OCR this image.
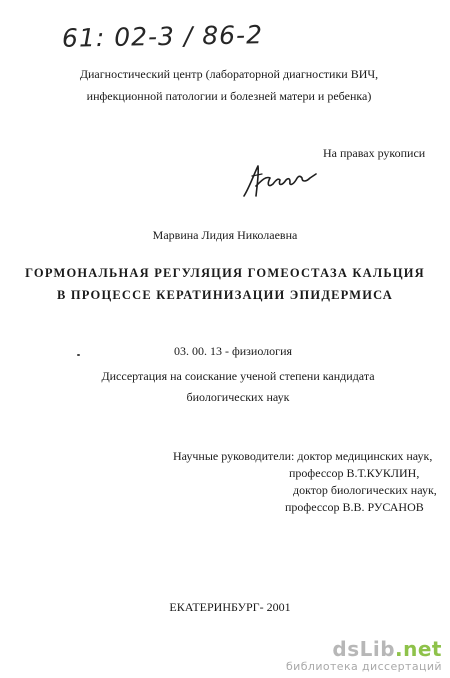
61: 02-3 / 86-2
Диагностический центр (лабораторной диагностики ВИЧ,
инфекционной патологии и болезней матери и ребенка)
На правах рукописи
Марвина Лидия Николаевна
ГОРМОНАЛЬНАЯ РЕГУЛЯЦИЯ ГОМЕОСТАЗА КАЛЬЦИЯ
В ПРОЦЕССЕ КЕРАТИНИЗАЦИИ ЭПИДЕРМИСА
03. 00. 13 - физиология
Диссертация на соискание ученой степени кандидата
биологических наук
Научные руководители: доктор медицинских наук,
профессор В.Т.КУКЛИН,
доктор биологических наук,
профессор В.В. РУСАНОВ
ЕКАТЕРИНБУРГ- 2001
dsLib.net
библиотека диссертаций
